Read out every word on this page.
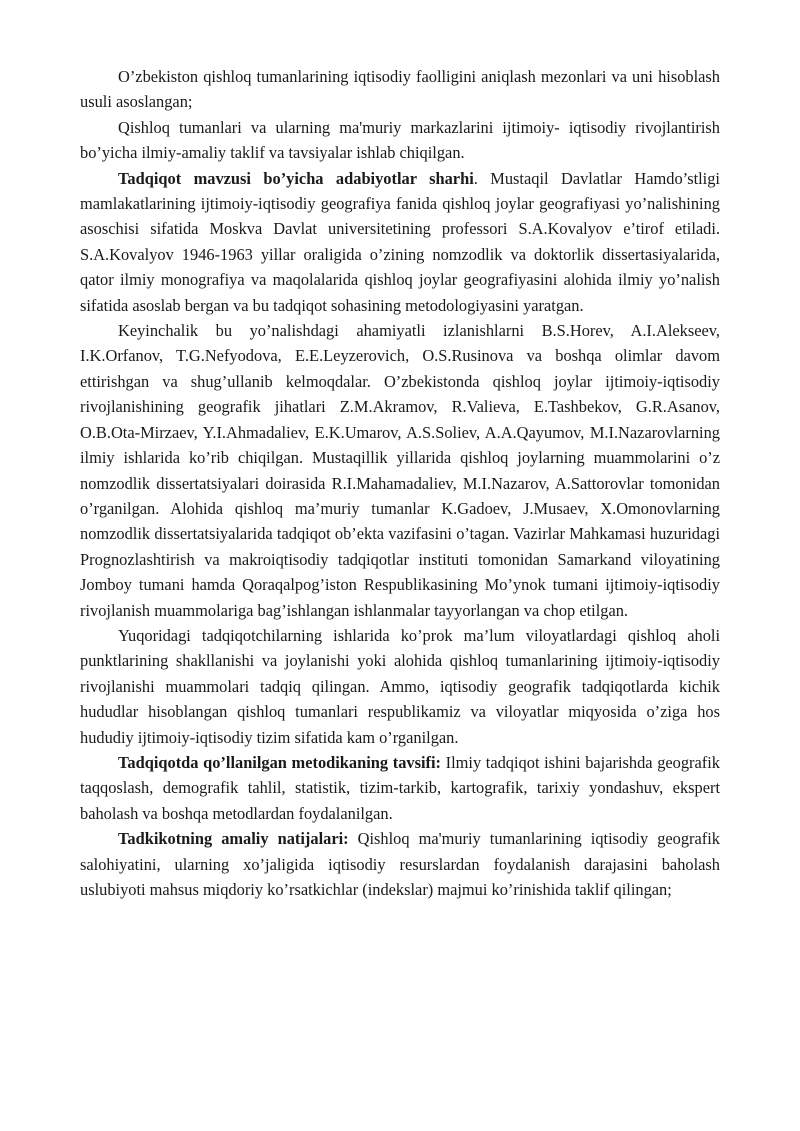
O’zbekiston qishloq tumanlarining iqtisodiy faolligini aniqlash mezonlari va uni hisoblash usuli asoslangan;

Qishloq tumanlari va ularning ma'muriy markazlarini ijtimoiy- iqtisodiy rivojlantirish bo’yicha ilmiy-amaliy taklif va tavsiyalar ishlab chiqilgan.

Tadqiqot mavzusi bo’yicha adabiyotlar sharhi. Mustaqil Davlatlar Hamdo’stligi mamlakatlarining ijtimoiy-iqtisodiy geografiya fanida qishloq joylar geografiyasi yo’nalishining asoschisi sifatida Moskva Davlat universitetining professori S.A.Kovalyov e’tirof etiladi. S.A.Kovalyov 1946-1963 yillar oraligida o’zining nomzodlik va doktorlik dissertasiyalarida, qator ilmiy monografiya va maqolalarida qishloq joylar geografiyasini alohida ilmiy yo’nalish sifatida asoslab bergan va bu tadqiqot sohasining metodologiyasini yaratgan.

Keyinchalik bu yo’nalishdagi ahamiyatli izlanishlarni B.S.Horev, A.I.Alekseev, I.K.Orfanov, T.G.Nefyodova, E.E.Leyzerovich, O.S.Rusinova va boshqa olimlar davom ettirishgan va shug’ullanib kelmoqdalar. O’zbekistonda qishloq joylar ijtimoiy-iqtisodiy rivojlanishining geografik jihatlari Z.M.Akramov, R.Valieva, E.Tashbekov, G.R.Asanov, O.B.Ota-Mirzaev, Y.I.Ahmadaliev, E.K.Umarov, A.S.Soliev, A.A.Qayumov, M.I.Nazarovlarning ilmiy ishlarida ko’rib chiqilgan. Mustaqillik yillarida qishloq joylarning muammolarini o’z nomzodlik dissertatsiyalari doirasida R.I.Mahamadaliev, M.I.Nazarov, A.Sattorovlar tomonidan o’rganilgan. Alohida qishloq ma’muriy tumanlar K.Gadoev, J.Musaev, X.Omonovlarning nomzodlik dissertatsiyalarida tadqiqot ob’ekta vazifasini o’tagan. Vazirlar Mahkamasi huzuridagi Prognozlashtirish va makroiqtisodiy tadqiqotlar instituti tomonidan Samarkand viloyatining Jomboy tumani hamda Qoraqalpog’iston Respublikasining Mo’ynok tumani ijtimoiy-iqtisodiy rivojlanish muammolariga bag’ishlangan ishlanmalar tayyorlangan va chop etilgan.

Yuqoridagi tadqiqotchilarning ishlarida ko’prok ma’lum viloyatlardagi qishloq aholi punktlarining shakllanishi va joylanishi yoki alohida qishloq tumanlarining ijtimoiy-iqtisodiy rivojlanishi muammolari tadqiq qilingan. Ammo, iqtisodiy geografik tadqiqotlarda kichik hududlar hisoblangan qishloq tumanlari respublikamiz va viloyatlar miqyosida o’ziga hos hududiy ijtimoiy-iqtisodiy tizim sifatida kam o’rganilgan.

Tadqiqotda qo’llanilgan metodikaning tavsifi: Ilmiy tadqiqot ishini bajarishda geografik taqqoslash, demografik tahlil, statistik, tizim-tarkib, kartografik, tarixiy yondashuv, ekspert baholash va boshqa metodlardan foydalanilgan.

Tadkikotning amaliy natijalari: Qishloq ma'muriy tumanlarining iqtisodiy geografik salohiyatini, ularning xo’jaligida iqtisodiy resurslardan foydalanish darajasini baholash uslubiyoti mahsus miqdoriy ko’rsatkichlar (indekslar) majmui ko’rinishida taklif qilingan;
